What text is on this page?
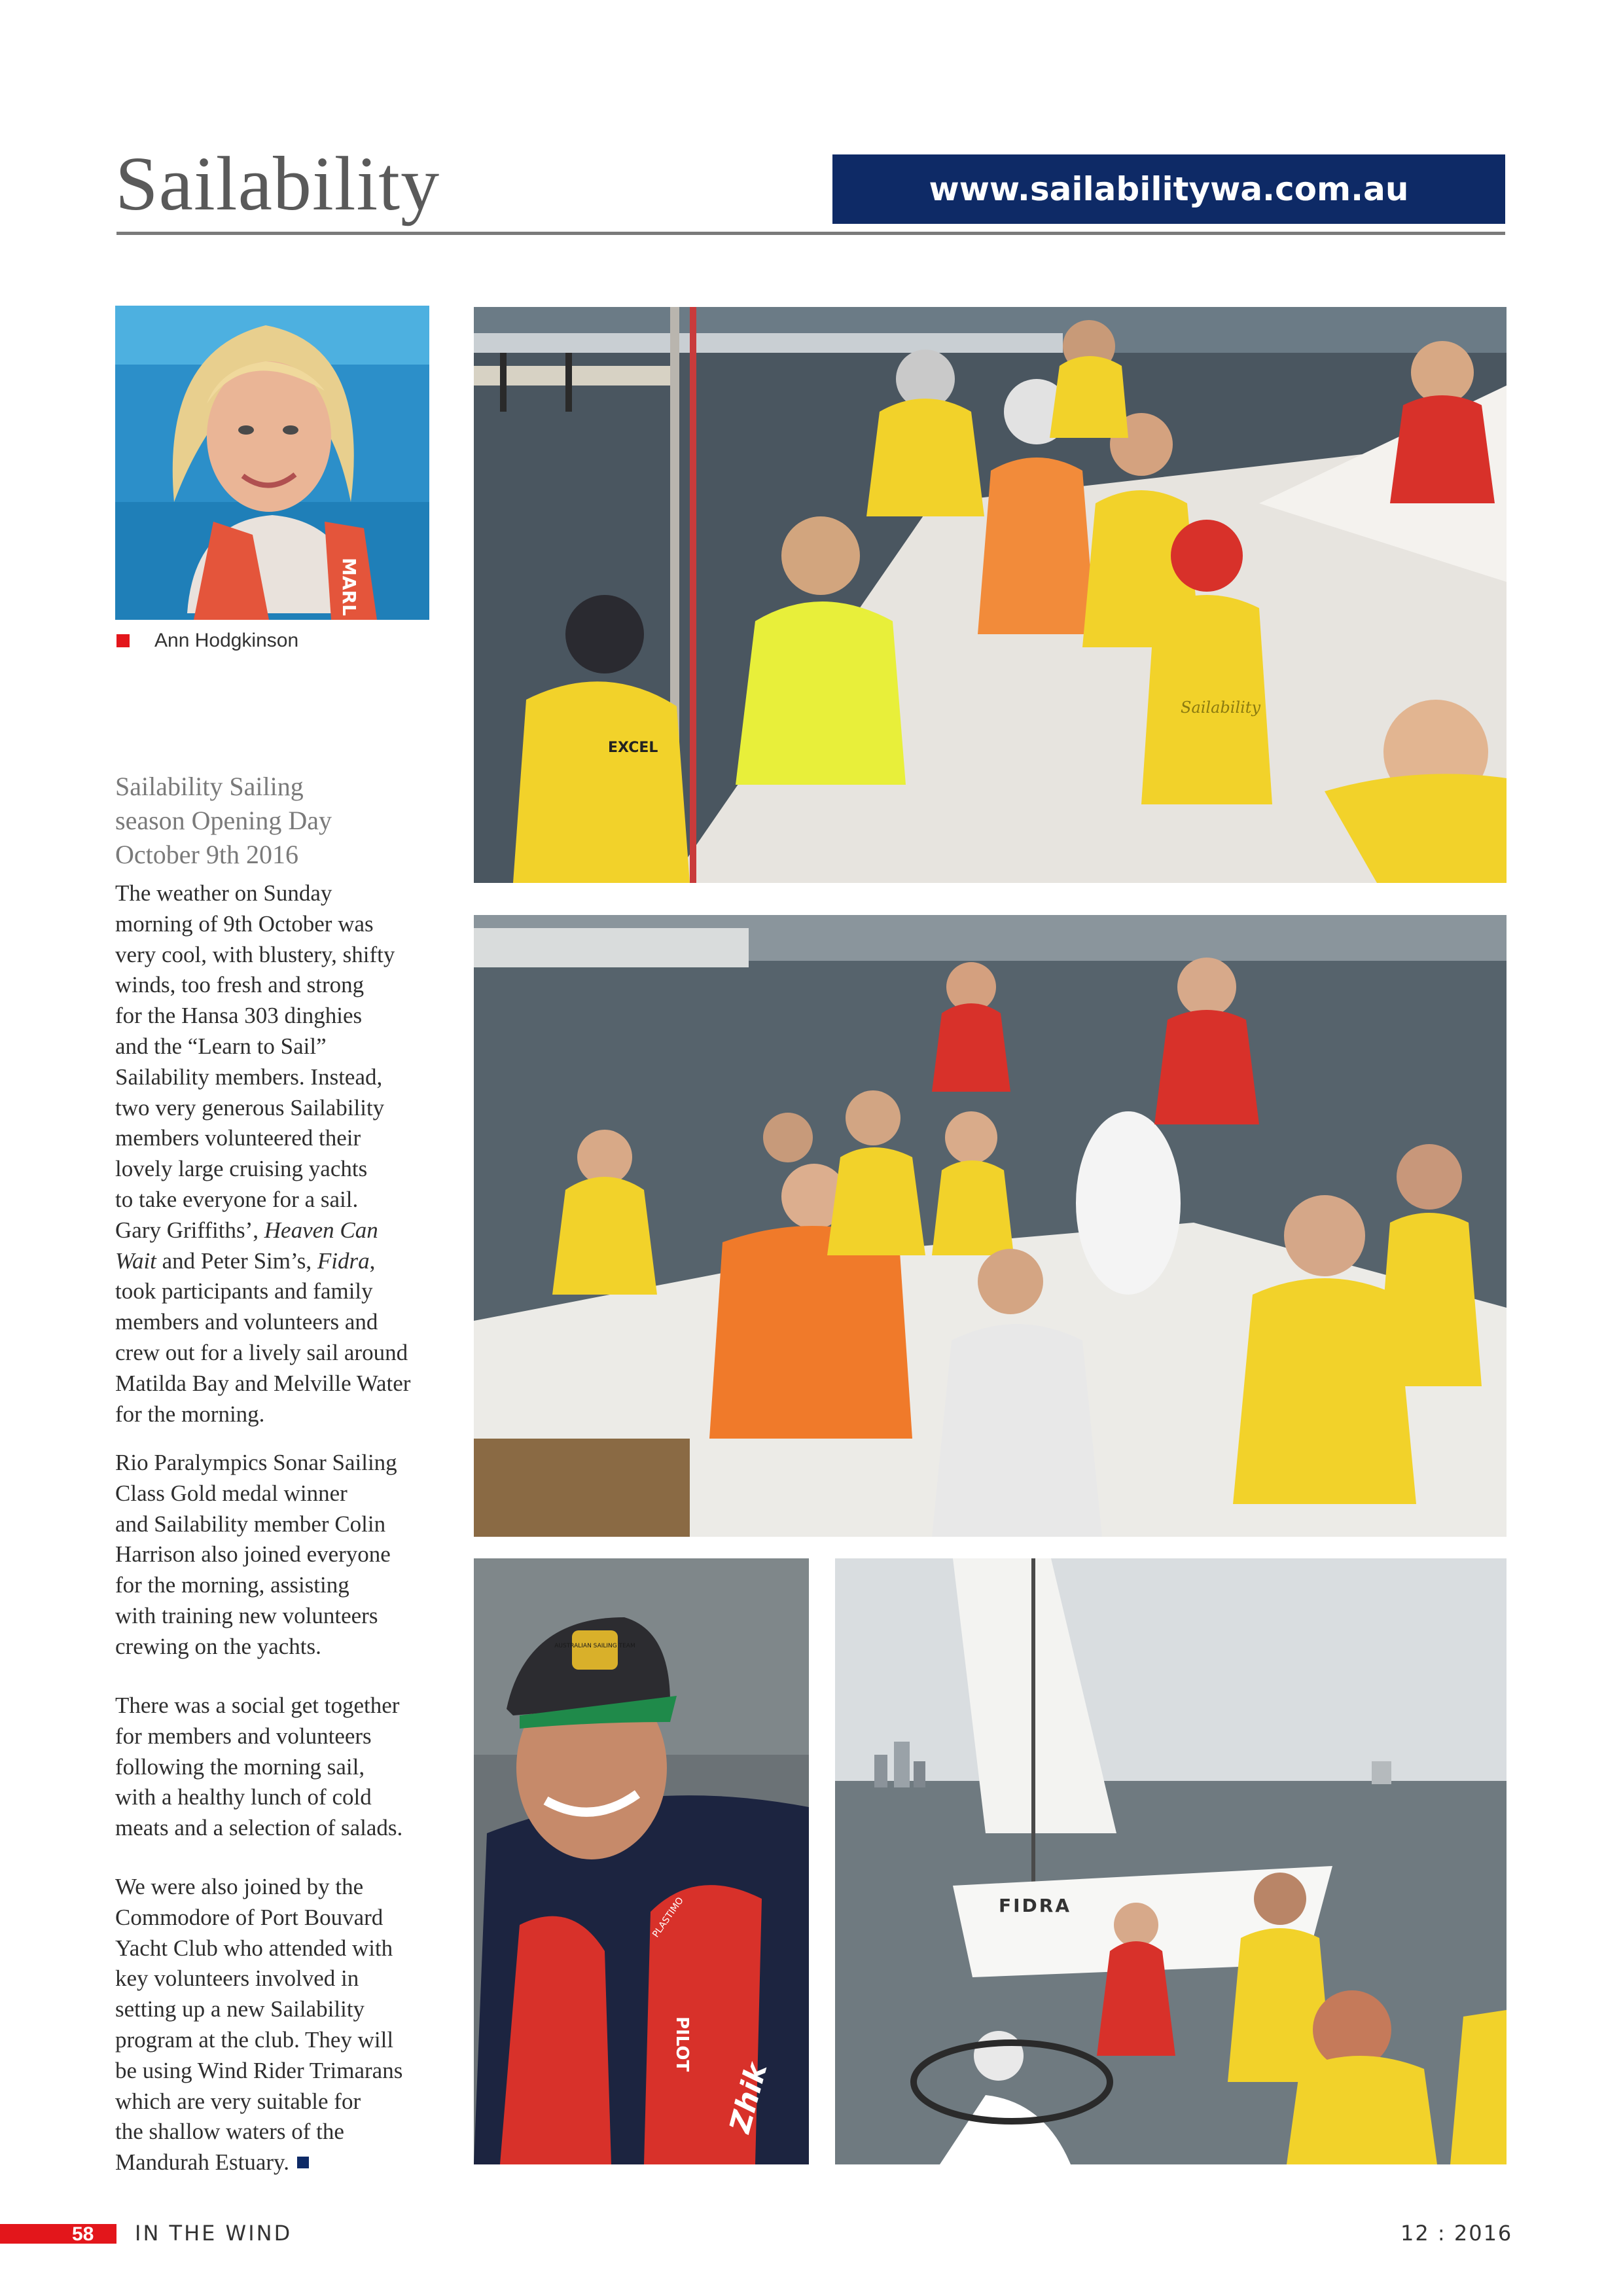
Sailability	www.sailabilitywa.com.au
MARL
Ann Hodgkinson
Sailability Sailing
season Opening Day
October 9th 2016
The weather on Sunday
morning of 9th October was
very cool, with blustery, shifty
winds, too fresh and strong
for the Hansa 303 dinghies
and the “Learn to Sail”
Sailability members. Instead,
two very generous Sailability
members volunteered their
lovely large cruising yachts
to take everyone for a sail.
Gary Griffiths’, Heaven Can
Wait and Peter Sim’s, Fidra,
took participants and family
members and volunteers and
crew out for a lively sail around
Matilda Bay and Melville Water
for the morning.
Rio Paralympics Sonar Sailing
Class Gold medal winner
and Sailability member Colin
Harrison also joined everyone
for the morning, assisting
with training new volunteers
crewing on the yachts.
There was a social get together
for members and volunteers
following the morning sail,
with a healthy lunch of cold
meats and a selection of salads.
We were also joined by the
Commodore of Port Bouvard
Yacht Club who attended with
key volunteers involved in
setting up a new Sailability
program at the club. They will
be using Wind Rider Trimarans
which are very suitable for
the shallow waters of the
Mandurah Estuary.
EXCEL
Sailability
PILOT
PLASTIMO
Zhik
AUSTRALIAN SAILING TEAM
FIDRA
58 IN THE WIND	12 : 2016
